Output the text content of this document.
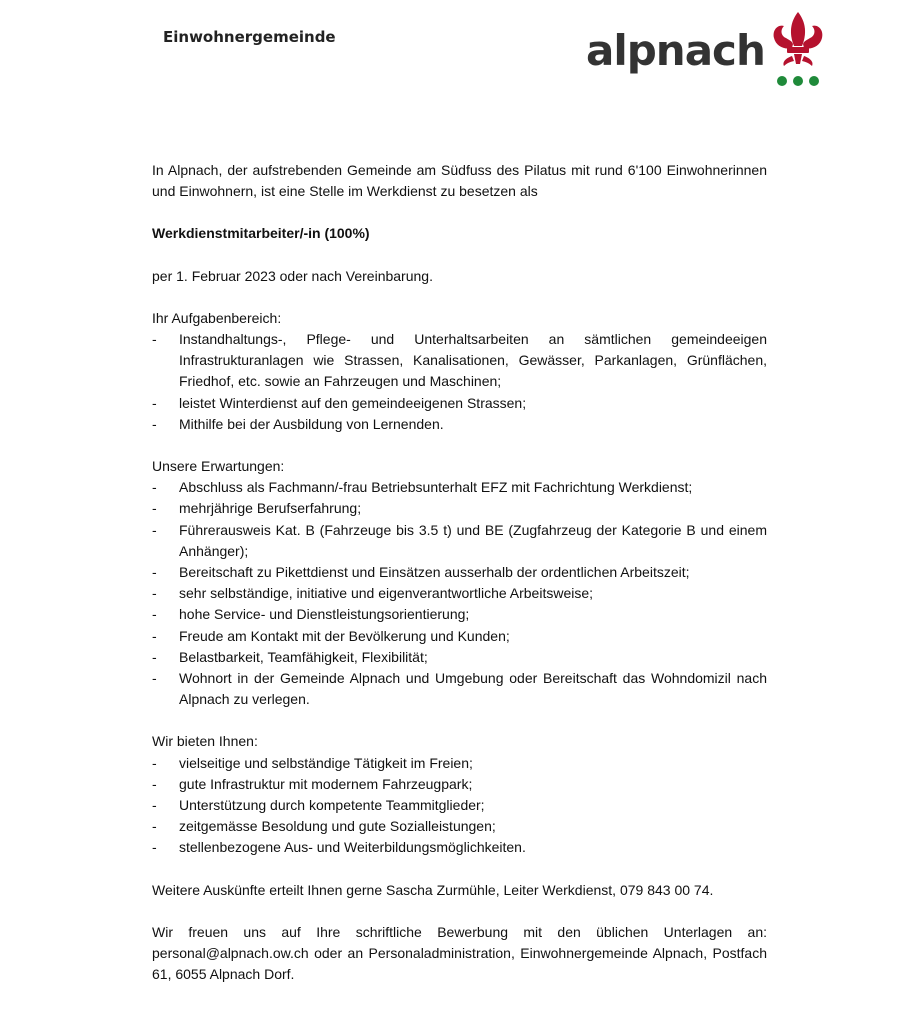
Einwohnergemeinde	alpnach

In Alpnach, der aufstrebenden Gemeinde am Südfuss des Pilatus mit rund 6'100 Einwohnerinnen und Einwohnern, ist eine Stelle im Werkdienst zu besetzen als

Werkdienstmitarbeiter/-in (100%)

per 1. Februar 2023 oder nach Vereinbarung.

Ihr Aufgabenbereich:

- Instandhaltungs-, Pflege- und Unterhaltsarbeiten an sämtlichen gemeindeeigen Infrastrukturanlagen wie Strassen, Kanalisationen, Gewässer, Parkanlagen, Grünflächen, Friedhof, etc. sowie an Fahrzeugen und Maschinen;
- leistet Winterdienst auf den gemeindeeigenen Strassen;
- Mithilfe bei der Ausbildung von Lernenden.

Unsere Erwartungen:

- Abschluss als Fachmann/-frau Betriebsunterhalt EFZ mit Fachrichtung Werkdienst;
- mehrjährige Berufserfahrung;
- Führerausweis Kat. B (Fahrzeuge bis 3.5 t) und BE (Zugfahrzeug der Kategorie B und einem Anhänger);
- Bereitschaft zu Pikettdienst und Einsätzen ausserhalb der ordentlichen Arbeitszeit;
- sehr selbständige, initiative und eigenverantwortliche Arbeitsweise;
- hohe Service- und Dienstleistungsorientierung;
- Freude am Kontakt mit der Bevölkerung und Kunden;
- Belastbarkeit, Teamfähigkeit, Flexibilität;
- Wohnort in der Gemeinde Alpnach und Umgebung oder Bereitschaft das Wohndomizil nach Alpnach zu verlegen.

Wir bieten Ihnen:

- vielseitige und selbständige Tätigkeit im Freien;
- gute Infrastruktur mit modernem Fahrzeugpark;
- Unterstützung durch kompetente Teammitglieder;
- zeitgemässe Besoldung und gute Sozialleistungen;
- stellenbezogene Aus- und Weiterbildungsmöglichkeiten.

Weitere Auskünfte erteilt Ihnen gerne Sascha Zurmühle, Leiter Werkdienst, 079 843 00 74.

Wir freuen uns auf Ihre schriftliche Bewerbung mit den üblichen Unterlagen an: personal@alpnach.ow.ch oder an Personaladministration, Einwohnergemeinde Alpnach, Postfach 61, 6055 Alpnach Dorf.
